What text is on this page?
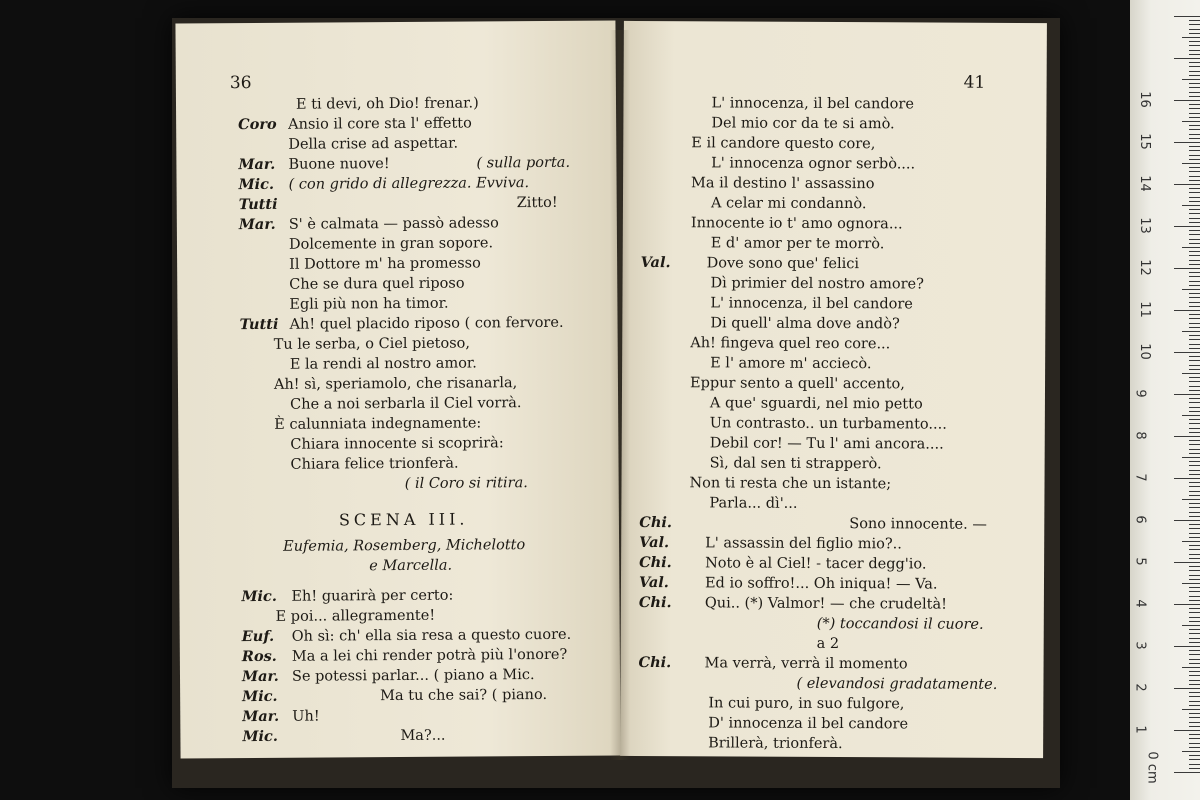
36
E ti devi, oh Dio! frenar.)
Coro Ansio il core sta l' effetto
Della crise ad aspettar.
Mar. Buone nuove!	( sulla porta.
Mic. ( con grido di allegrezza. Evviva.
Tutti	Zitto!
Mar. S' è calmata — passò adesso
Dolcemente in gran sopore.
Il Dottore m' ha promesso
Che se dura quel riposo
Egli più non ha timor.
Tutti Ah! quel placido riposo ( con fervore.
Tu le serba, o Ciel pietoso,
E la rendi al nostro amor.
Ah! sì, speriamolo, che risanarla,
Che a noi serbarla il Ciel vorrà.
È calunniata indegnamente:
Chiara innocente si scoprirà:
Chiara felice trionferà.
( il Coro si ritira.
SCENA III.
Eufemia, Rosemberg, Michelotto
e Marcella.
Mic. Eh! guarirà per certo:
E poi... allegramente!
Euf. Oh sì: ch' ella sia resa a questo cuore.
Ros. Ma a lei chi render potrà più l'onore?
Mar. Se potessi parlar... ( piano a Mic.
Mic.	Ma tu che sai? ( piano.
Mar. Uh!
Mic.	Ma?...
41
L' innocenza, il bel candore
Del mio cor da te si amò.
E il candore questo core,
L' innocenza ognor serbò....
Ma il destino l' assassino
A celar mi condannò.
Innocente io t' amo ognora...
E d' amor per te morrò.
Val. Dove sono que' felici
Dì primier del nostro amore?
L' innocenza, il bel candore
Di quell' alma dove andò?
Ah! fingeva quel reo core...
E l' amore m' acciecò.
Eppur sento a quell' accento,
A que' sguardi, nel mio petto
Un contrasto.. un turbamento....
Debil cor! — Tu l' ami ancora....
Sì, dal sen ti strapperò.
Non ti resta che un istante;
Parla... dì'...
Chi.	Sono innocente. —
Val. L' assassin del figlio mio?..
Chi. Noto è al Ciel! - tacer degg'io.
Val. Ed io soffro!... Oh iniqua! — Va.
Chi. Qui.. (*) Valmor! — che crudeltà!
(*) toccandosi il cuore.
a 2
Chi. Ma verrà, verrà il momento
( elevandosi gradatamente.
In cui puro, in suo fulgore,
D' innocenza il bel candore
Brillerà, trionferà.
0 cm
1
2
3
4
5
6
7
8
9
10
11
12
13
14
15
16
